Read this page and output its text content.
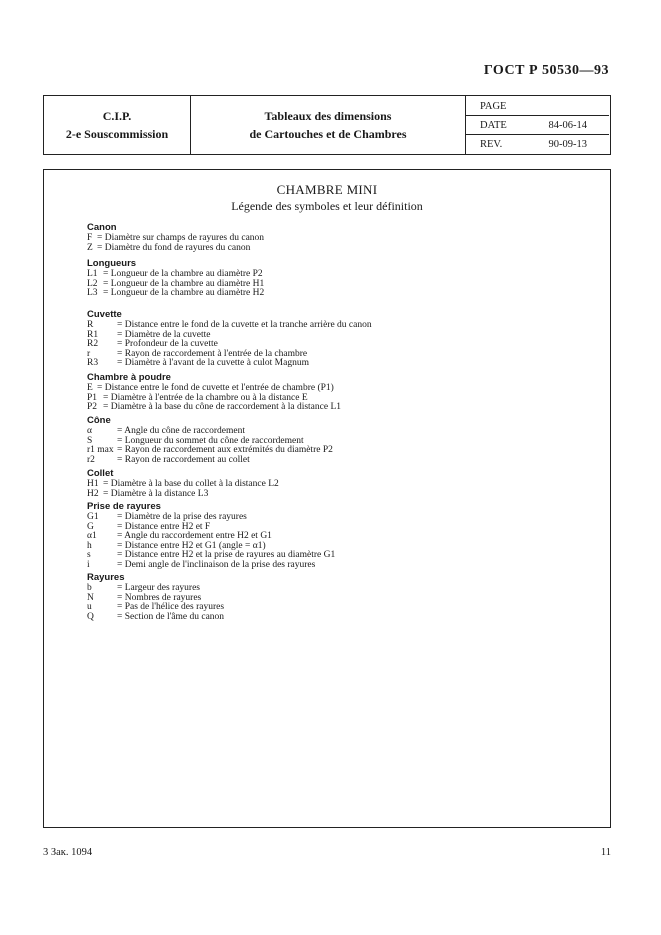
ГОСТ Р 50530—93
C.I.P.
2-e Souscommission
Tableaux des dimensions
de Cartouches et de Chambres
PAGE
DATE	84-06-14
REV.	90-09-13
CHAMBRE MINI
Légende des symboles et leur définition
Canon
F = Diamètre sur champs de rayures du canon
Z = Diamètre du fond de rayures du canon
Longueurs
L1 = Longueur de la chambre au diamètre P2
L2 = Longueur de la chambre au diamètre H1
L3 = Longueur de la chambre au diamètre H2
Cuvette
R = Distance entre le fond de la cuvette et la tranche arrière du canon
R1 = Diamètre de la cuvette
R2 = Profondeur de la cuvette
r	= Rayon de raccordement à l'entrée de la chambre
R3 = Diamètre à l'avant de la cuvette à culot Magnum
Chambre à poudre
E = Distance entre le fond de cuvette et l'entrée de chambre (P1)
P1 = Diamètre à l'entrée de la chambre ou à la distance E
P2 = Diamètre à la base du cône de raccordement à la distance L1
Cône
α	= Angle du cône de raccordement
S	= Longueur du sommet du cône de raccordement
r1 max = Rayon de raccordement aux extrémités du diamètre P2
r2 = Rayon de raccordement au collet
Collet
H1 = Diamètre à la base du collet à la distance L2
H2 = Diamètre à la distance L3
Prise de rayures
G1 = Diamètre de la prise des rayures
G = Distance entre H2 et F
α1 = Angle du raccordement entre H2 et G1
h	= Distance entre H2 et G1 (angle = α1)
s	= Distance entre H2 et la prise de rayures au diamètre G1
i	= Demi angle de l'inclinaison de la prise des rayures
Rayures
b	= Largeur des rayures
N = Nombres de rayures
u	= Pas de l'hélice des rayures
Q = Section de l'âme du canon
3 Зак. 1094	11
